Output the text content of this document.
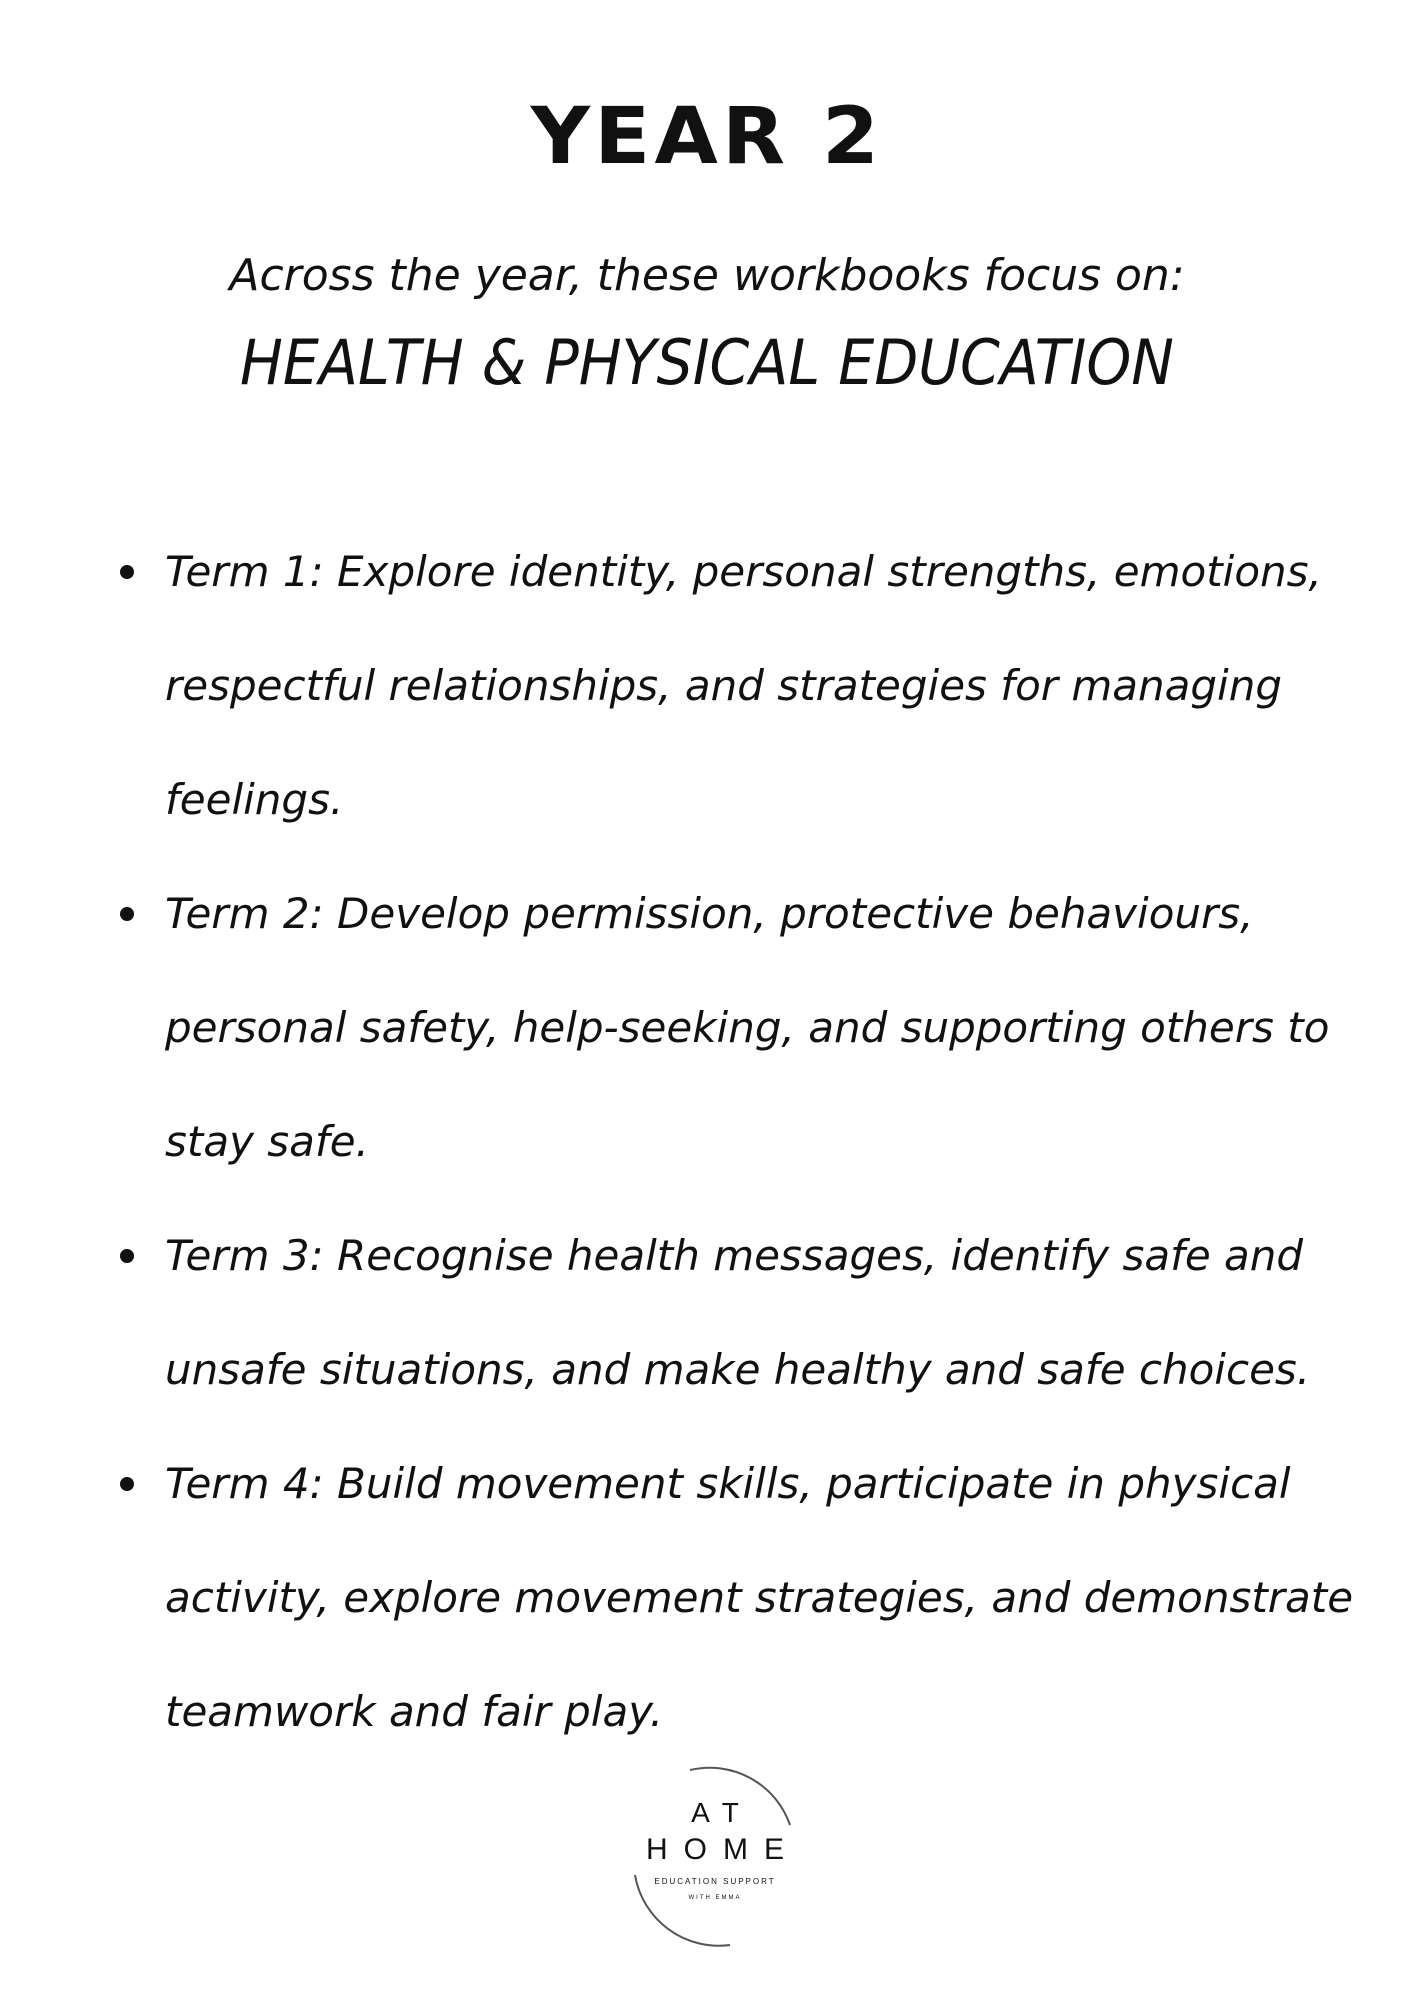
YEAR 2
Across the year, these workbooks focus on:
HEALTH & PHYSICAL EDUCATION
Term 1: Explore identity, personal strengths, emotions, respectful relationships, and strategies for managing feelings.
Term 2: Develop permission, protective behaviours, personal safety, help-seeking, and supporting others to stay safe.
Term 3: Recognise health messages, identify safe and unsafe situations, and make healthy and safe choices.
Term 4: Build movement skills, participate in physical activity, explore movement strategies, and demonstrate teamwork and fair play.
AT
HOME
EDUCATION SUPPORT
WITH EMMA
